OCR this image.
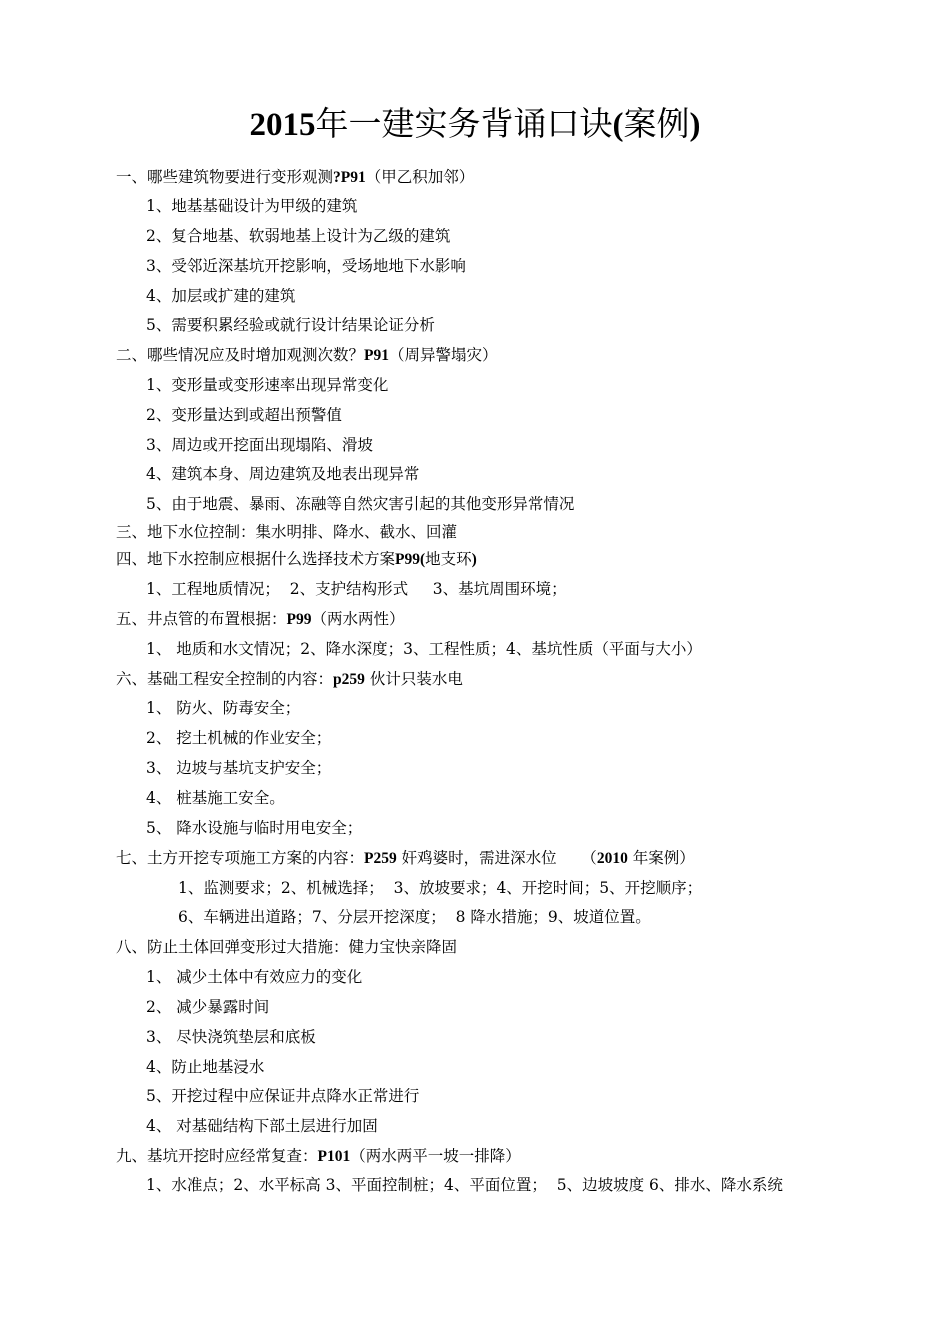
2015年一建实务背诵口诀(案例)
一、哪些建筑物要进行变形观测?P91（甲乙积加邻）
1、地基基础设计为甲级的建筑
2、复合地基、软弱地基上设计为乙级的建筑
3、受邻近深基坑开挖影响，受场地地下水影响
4、加层或扩建的建筑
5、需要积累经验或就行设计结果论证分析
二、哪些情况应及时增加观测次数？P91（周异警塌灾）
1、变形量或变形速率出现异常变化
2、变形量达到或超出预警值
3、周边或开挖面出现塌陷、滑坡
4、建筑本身、周边建筑及地表出现异常
5、由于地震、暴雨、冻融等自然灾害引起的其他变形异常情况
三、地下水位控制：集水明排、降水、截水、回灌
四、地下水控制应根据什么选择技术方案P99(地支环)
1、工程地质情况；  2、支护结构形式     3、基坑周围环境；
五、井点管的布置根据：P99（两水两性）
1、 地质和水文情况；2、降水深度；3、工程性质；4、基坑性质（平面与大小）
六、基础工程安全控制的内容：p259 伙计只装水电
1、 防火、防毒安全；
2、 挖土机械的作业安全；
3、 边坡与基坑支护安全；
4、 桩基施工安全。
5、 降水设施与临时用电安全；
七、土方开挖专项施工方案的内容：P259 奸鸡婆时，需进深水位     （2010 年案例）
1、监测要求；2、机械选择；  3、放坡要求；4、开挖时间；5、开挖顺序；
6、车辆进出道路；7、分层开挖深度；  8 降水措施；9、坡道位置。
八、防止土体回弹变形过大措施：健力宝快亲降固
1、 减少土体中有效应力的变化
2、 减少暴露时间
3、 尽快浇筑垫层和底板
4、防止地基浸水
5、开挖过程中应保证井点降水正常进行
4、 对基础结构下部土层进行加固
九、基坑开挖时应经常复查：P101（两水两平一坡一排降）
1、水准点；2、水平标高 3、平面控制桩；4、平面位置；  5、边坡坡度 6、排水、降水系统
